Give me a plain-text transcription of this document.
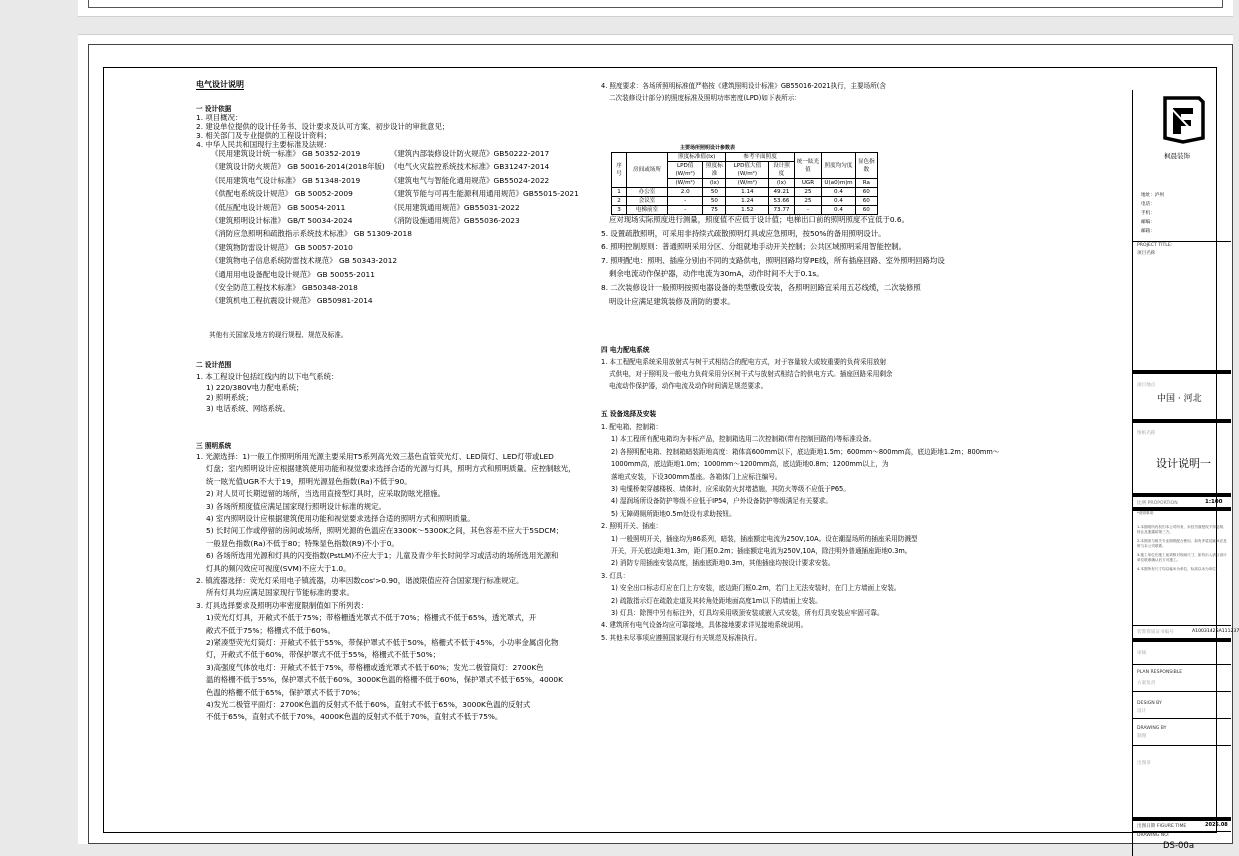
电气设计说明
一 设计依据
1. 项目概况：
2. 建设单位提供的设计任务书、设计要求及认可方案、初步设计的审批意见；
3. 相关部门及专业提供的工程设计资料；
4. 中华人民共和国现行主要标准及法规：
《民用建筑设计统一标准》 GB 50352-2019
《建筑设计防火规范》 GB 50016-2014(2018年版)
《民用建筑电气设计标准》 GB 51348-2019
《供配电系统设计规范》 GB 50052-2009
《低压配电设计规范》 GB 50054-2011
《建筑照明设计标准》 GB/T 50034-2024
《消防应急照明和疏散指示系统技术标准》 GB 51309-2018
《建筑物防雷设计规范》 GB 50057-2010
《建筑物电子信息系统防雷技术规范》 GB 50343-2012
《通用用电设备配电设计规范》 GB 50055-2011
《安全防范工程技术标准》 GB50348-2018
《建筑机电工程抗震设计规范》 GB50981-2014
《建筑内部装修设计防火规范》GB50222-2017
《电气火灾监控系统技术标准》GB31247-2014
《建筑电气与智能化通用规范》GB55024-2022
《建筑节能与可再生能源利用通用规范》GB55015-2021
《民用建筑通用规范》GB55031-2022
《消防设施通用规范》GB55036-2023
其他有关国家及地方的现行规程、规范及标准。
二 设计范围
1. 本工程设计包括红线内的以下电气系统：
1) 220/380V电力配电系统；
2) 照明系统；
3) 电话系统、网络系统。
三 照明系统
1. 光源选择：1)一般工作照明所用光源主要采用T5系列高光效三基色直管荧光灯、LED筒灯、LED灯带或LED
灯盘；室内照明设计应根据建筑使用功能和视觉要求选择合适的光源与灯具，照明方式和照明质量。应控制眩光，
统一眩光值UGR不大于19，照明光源显色指数(Ra)不低于90。
2) 对人员可长期逗留的场所，当选用直接型灯具时，应采取防眩光措施。
3) 各场所照度值应满足国家现行照明设计标准的规定。
4) 室内照明设计应根据建筑使用功能和视觉要求选择合适的照明方式和照明质量。
5) 长时间工作或停留的房间或场所，照明光源的色温应在3300K～5300K之间，其色容差不应大于5SDCM；
一般显色指数(Ra)不低于80；特殊显色指数(R9)不小于0。
6) 各场所选用光源和灯具的闪变指数(PstLM)不应大于1；儿童及青少年长时间学习或活动的场所选用光源和
灯具的频闪效应可视度(SVM)不应大于1.0。
2. 镇流器选择：荧光灯采用电子镇流器，功率因数cos'>0.90，谐波限值应符合国家现行标准规定。
所有灯具均应满足国家现行节能标准的要求。
3. 灯具选择要求及照明功率密度限制值如下所列表：
1)荧光灯灯具，开敞式不低于75%；带格栅透光罩式不低于70%；格栅式不低于65%，透光罩式，开
敞式不低于75%；格栅式不低于60%。
2)紧凑型荧光灯筒灯：开敞式不低于55%，带保护罩式不低于50%，格栅式不低于45%，小功率金属卤化物
灯，开敞式不低于60%，带保护罩式不低于55%，格栅式不低于50%；
3)高强度气体放电灯：开敞式不低于75%，带格栅或透光罩式不低于60%；发光二极管筒灯：2700K色
温的格栅不低于55%，保护罩式不低于60%，3000K色温的格栅不低于60%，保护罩式不低于65%，4000K
色温的格栅不低于65%，保护罩式不低于70%；
4)发光二极管平面灯：2700K色温的反射式不低于60%，直射式不低于65%，3000K色温的反射式
不低于65%，直射式不低于70%，4000K色温的反射式不低于70%，直射式不低于75%。
4. 照度要求：各场所照明标准值严格按《建筑照明设计标准》GB55016-2021执行，主要场所(含
二次装修设计部分)的照度标准及照明功率密度(LPD)如下表所示：
主要场所照明设计参数表
序号	房间或场所	照度标准值(lx)		参考平面照度		统一眩光值	照度均匀度	显色指数
		LPD值(W/m²)	照度标准	LPD值大值(W/m²)	设计照度			
		(W/m²)	(lx)	(W/m²)	(lx)	UGR	U(a0)m|m	Ra
1	办公室	2.0	50	1.14	49.21	25	0.4	60
2	会议室	-	50	1.24	53.66	25	0.4	60
3	电梯前室	-	75	1.52	73.77	-	0.4	60
应对现场实际照度进行测量，照度值不应低于设计值；电梯出口前的照明照度不宜低于0.6。
5. 设置疏散照明，可采用非持续式疏散照明灯具或应急照明，按50%的备用照明设计。
6. 照明控制原则：普通照明采用分区、分组就地手动开关控制；公共区域照明采用智能控制。
7. 照明配电：照明、插座分别由不同的支路供电，照明回路均穿PE线，所有插座回路、室外照明回路均设
剩余电流动作保护器，动作电流为30mA，动作时间不大于0.1s。
8. 二次装修设计一般照明按照电器设备的类型敷设安装，各照明回路宜采用五芯线缆，二次装修照
明设计应满足建筑装修及消防的要求。
四 电力配电系统
1. 本工程配电系统采用放射式与树干式相结合的配电方式，对于容量较大或较重要的负荷采用放射
式供电，对于照明及一般电力负荷采用分区树干式与放射式相结合的供电方式。插座回路采用剩余
电流动作保护器，动作电流及动作时间满足规范要求。
五 设备选择及安装
1. 配电箱、控制箱：
1) 本工程所有配电箱均为非标产品，控制箱选用二次控制箱(带有控制回路的)等标准设备。
2) 各照明配电箱、控制箱暗装距地高度：箱体高600mm以下，底边距地1.5m；600mm～800mm高，底边距地1.2m；800mm～
1000mm高，底边距地1.0m；1000mm～1200mm高，底边距地0.8m；1200mm以上，为
落地式安装，下设300mm基座。各箱体门上应标注编号。
3) 电缆桥架穿越楼板、墙体时，应采取防火封堵措施，其防火等级不应低于P65。
4) 湿润场所设备防护等级不应低于IP54，户外设备防护等级满足有关要求。
5) 无障碍厕所距地0.5m处设有求助按钮。
2. 照明开关、插座：
1) 一般照明开关，插座均为86系列，暗装，插座额定电流为250V,10A。设在潮湿场所的插座采用防溅型
开关，开关底边距地1.3m，距门框0.2m；插座额定电流为250V,10A，除注明外普通插座距地0.3m。
2) 消防专用插座安装高度，插座底距地0.3m，其他插座均按设计要求安装。
3. 灯具：
1) 安全出口标志灯应在门上方安装，底边距门框0.2m，若门上无法安装时，在门上方墙面上安装。
2) 疏散指示灯在疏散走道及其转角处距地面高度1m以下的墙面上安装。
3) 灯具：除图中另有标注外，灯具均采用吸顶安装或嵌入式安装，所有灯具安装应牢固可靠。
4. 建筑所有电气设备均应可靠接地，具体接地要求详见接地系统说明。
5. 其他未尽事项应遵照国家现行有关规范及标准执行。
枫晨装饰
地址：泸州
电话：
手机：
邮编：
邮箱：
PROJECT TITLE:
项目名称
项目地点
中国 · 河北
图纸名称
设计说明一
比例 PROPORTION	1:100
*说明事项：
1.本图纸所有权归本公司所有，未经书面授权不得复制、转让及泄露给第三方。
2.本图须与相关专业图纸配合使用，如有矛盾及疑问应及时与本公司联系。
3.施工单位在施工前须核对现场尺寸，如有出入请与设计单位联系确认后方可施工。
4.本图所有尺寸均以毫米为单位，标高以米为单位。
装饰资质证书编号	A1003142SA111237
审核
PLAN RESPONSIBLE
方案负责
DESIGN BY
设计
DRAWING BY
制图
出图章
出图日期 FIGURE TIME	2025.08
DRAWING NO:
DS-00a
